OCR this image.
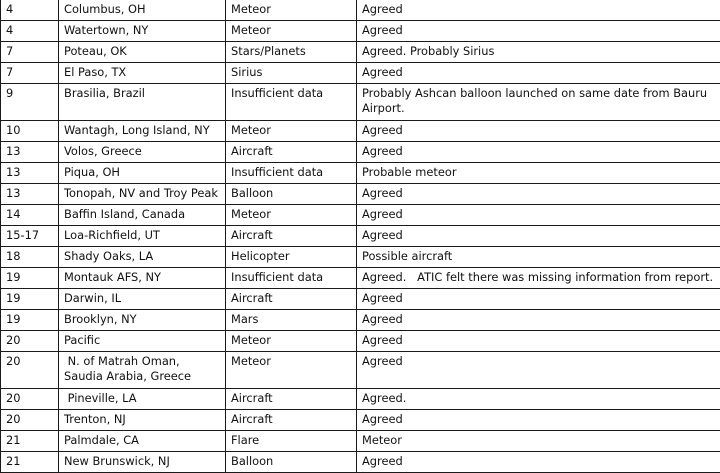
4	Columbus, OH	Meteor	Agreed
4	Watertown, NY	Meteor	Agreed
7	Poteau, OK	Stars/Planets	Agreed. Probably Sirius
7	El Paso, TX	Sirius	Agreed
9	Brasilia, Brazil	Insufficient data	Probably Ashcan balloon launched on same date from Bauru Airport.
10	Wantagh, Long Island, NY	Meteor	Agreed
13	Volos, Greece	Aircraft	Agreed
13	Piqua, OH	Insufficient data	Probable meteor
13	Tonopah, NV and Troy Peak	Balloon	Agreed
14	Baffin Island, Canada	Meteor	Agreed
15-17	Loa-Richfield, UT	Aircraft	Agreed
18	Shady Oaks, LA	Helicopter	Possible aircraft
19	Montauk AFS, NY	Insufficient data	Agreed.   ATIC felt there was missing information from report.
19	Darwin, IL	Aircraft	Agreed
19	Brooklyn, NY	Mars	Agreed
20	Pacific	Meteor	Agreed
20	N. of Matrah Oman, Saudia Arabia, Greece	Meteor	Agreed
20	Pineville, LA	Aircraft	Agreed.
20	Trenton, NJ	Aircraft	Agreed
21	Palmdale, CA	Flare	Meteor
21	New Brunswick, NJ	Balloon	Agreed
